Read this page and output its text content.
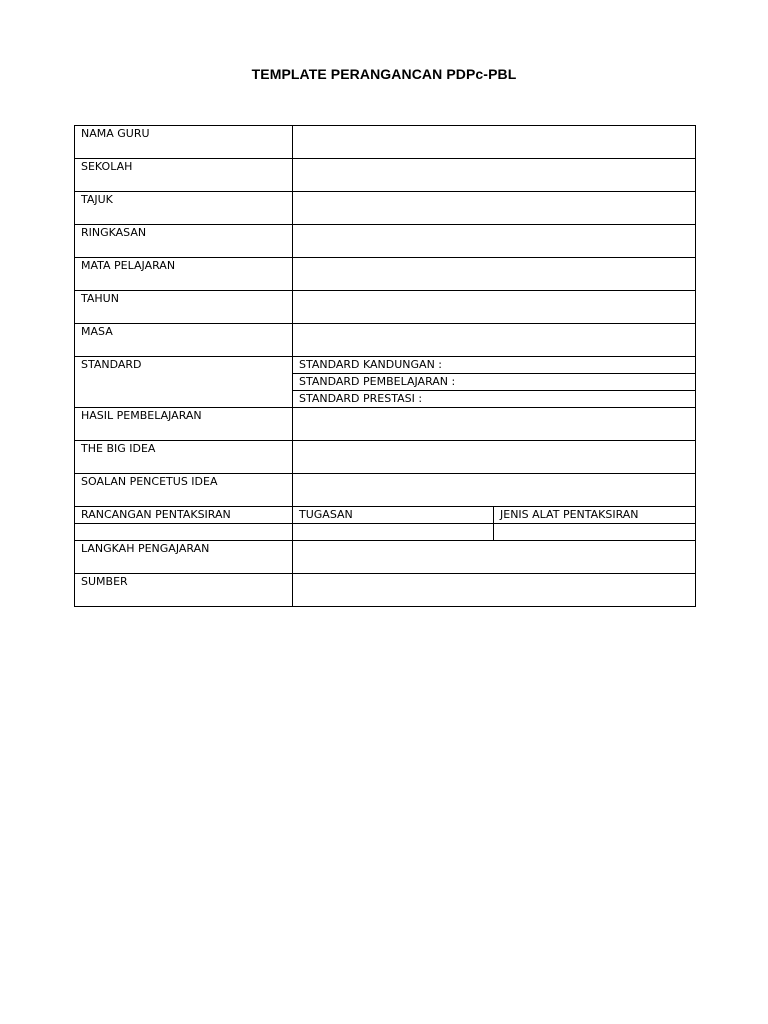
TEMPLATE PERANGANCAN PDPc-PBL
NAMA GURU		
SEKOLAH		
TAJUK		
RINGKASAN		
MATA PELAJARAN		
TAHUN		
MASA		
STANDARD	STANDARD KANDUNGAN :	
	STANDARD PEMBELAJARAN :	
	STANDARD PRESTASI :	
HASIL PEMBELAJARAN		
THE BIG IDEA		
SOALAN PENCETUS IDEA		
RANCANGAN PENTAKSIRAN	TUGASAN	JENIS ALAT PENTAKSIRAN

LANGKAH PENGAJARAN		
SUMBER		
